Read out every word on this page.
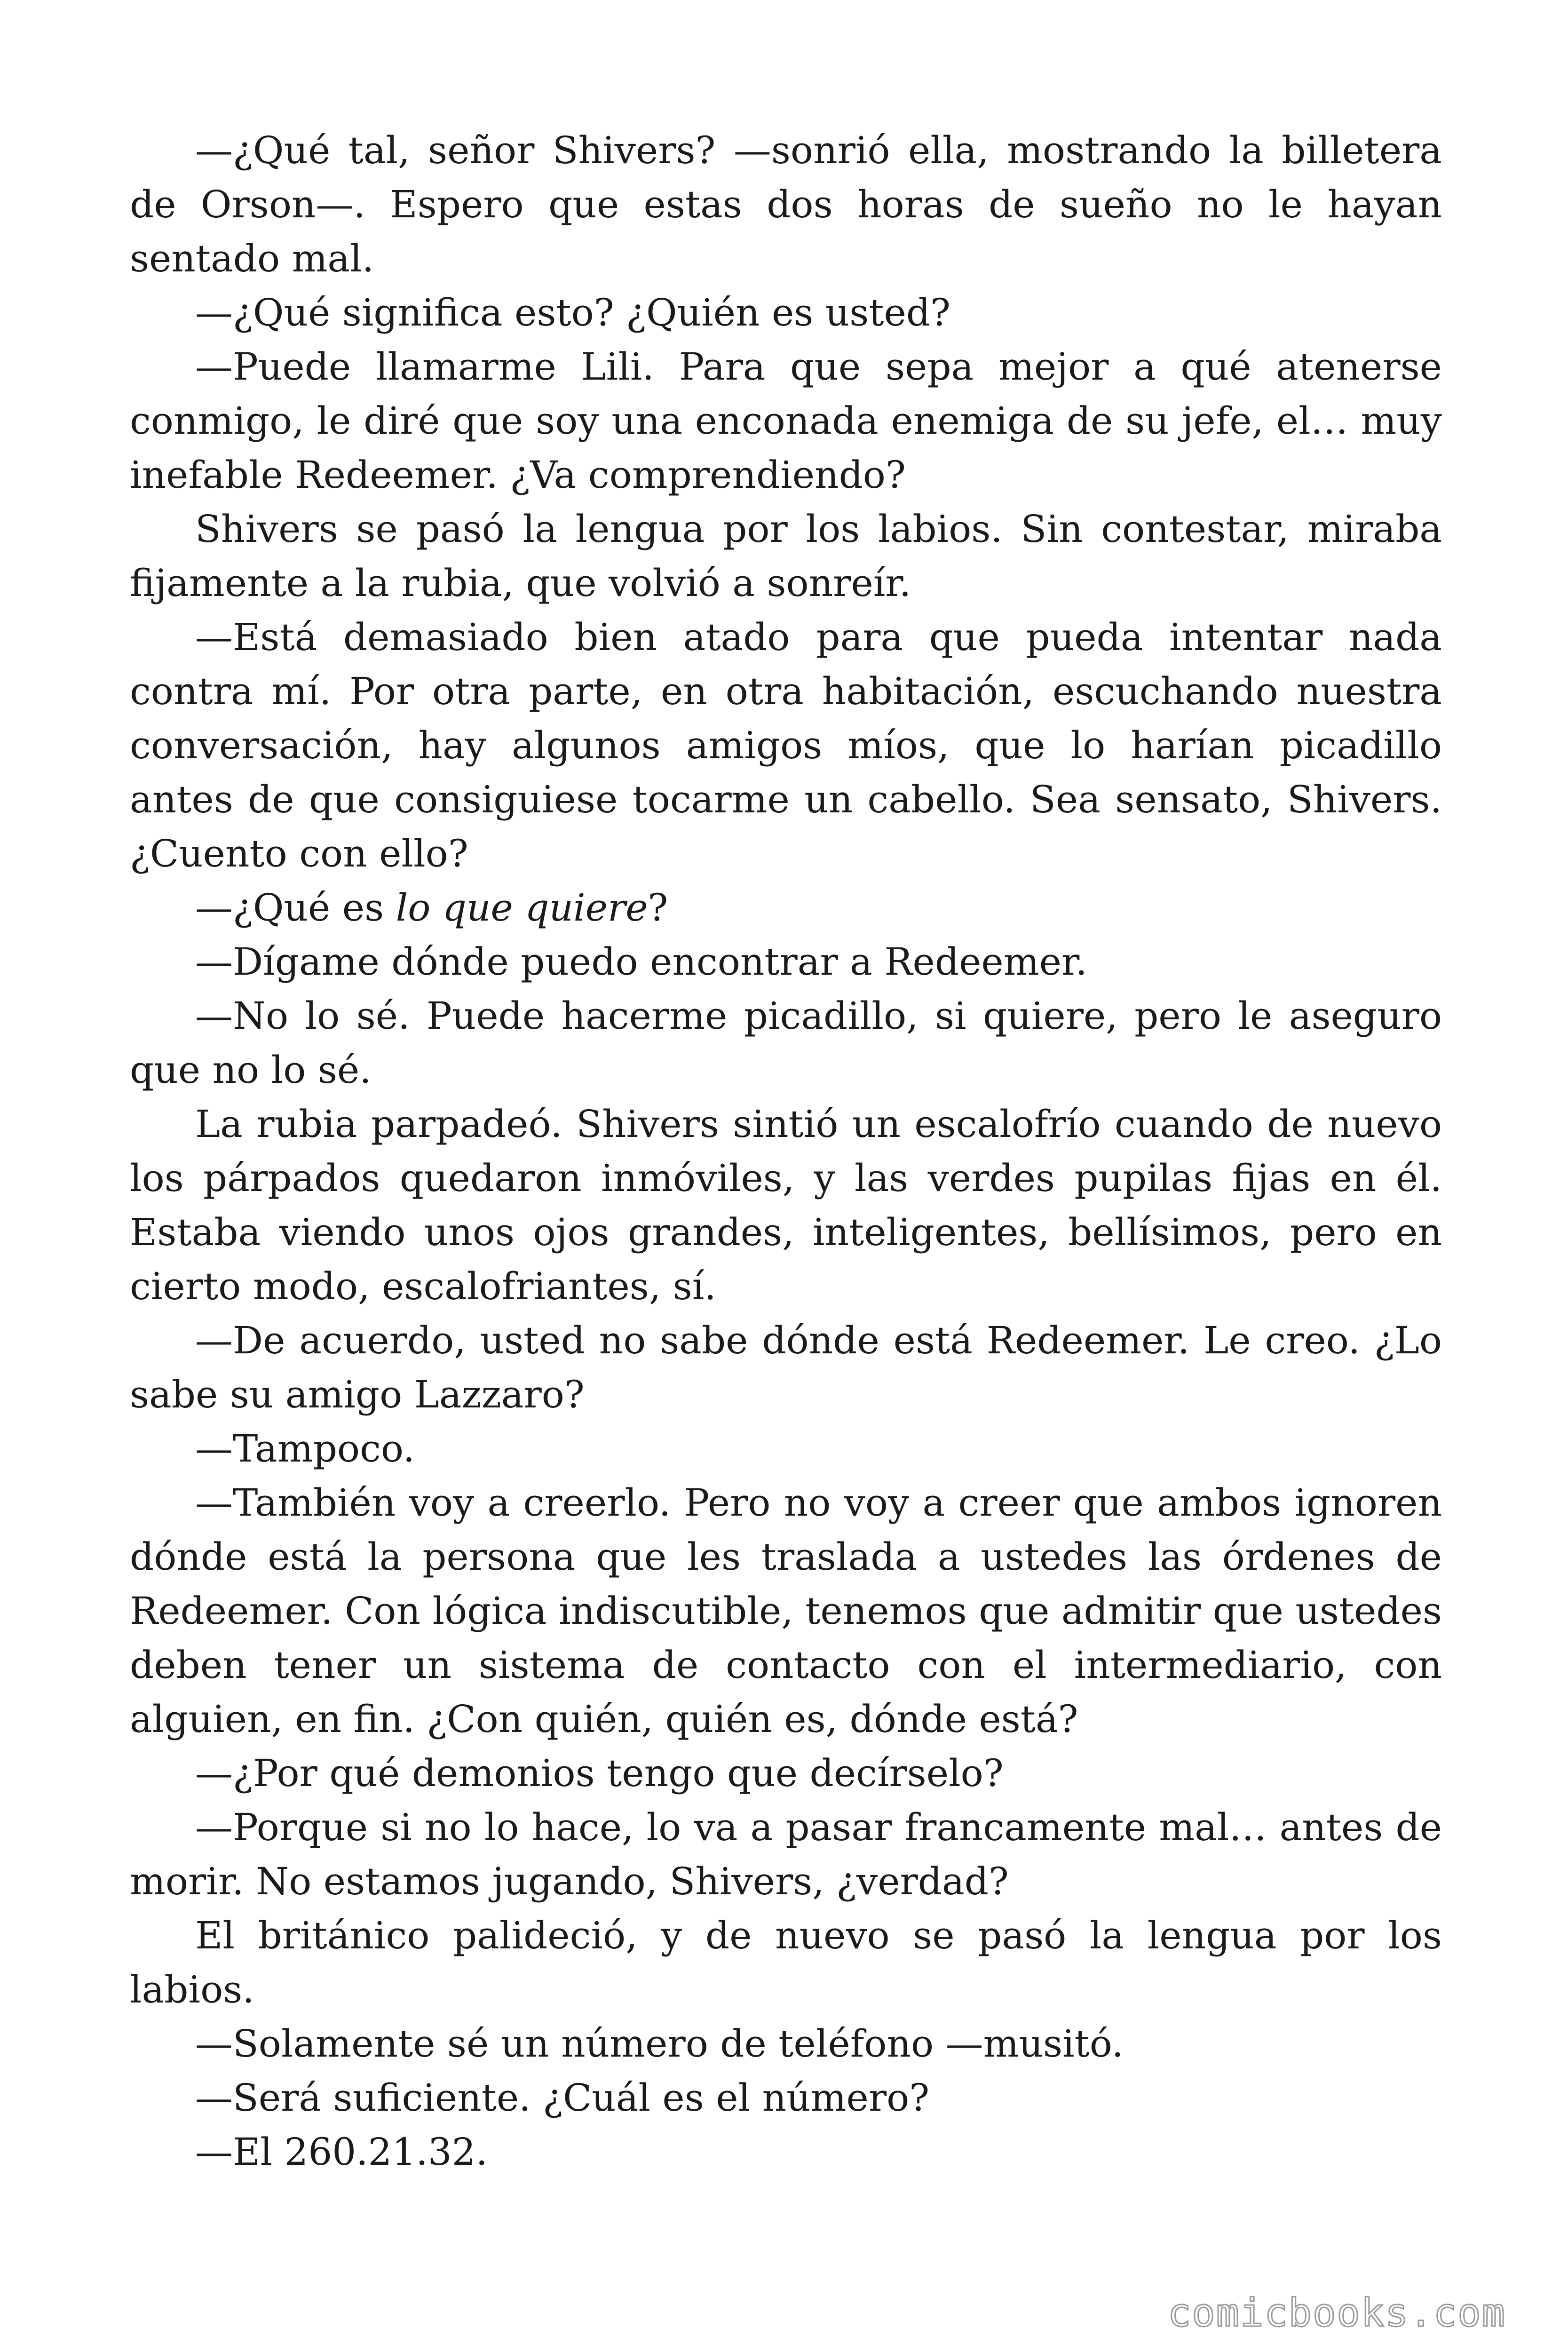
—¿Qué tal, señor Shivers? —sonrió ella, mostrando la billetera de Orson—. Espero que estas dos horas de sueño no le hayan sentado mal.

—¿Qué significa esto? ¿Quién es usted?

—Puede llamarme Lili. Para que sepa mejor a qué atenerse conmigo, le diré que soy una enconada enemiga de su jefe, el… muy inefable Redeemer. ¿Va comprendiendo?

Shivers se pasó la lengua por los labios. Sin contestar, miraba fijamente a la rubia, que volvió a sonreír.

—Está demasiado bien atado para que pueda intentar nada contra mí. Por otra parte, en otra habitación, escuchando nuestra conversación, hay algunos amigos míos, que lo harían picadillo antes de que consiguiese tocarme un cabello. Sea sensato, Shivers. ¿Cuento con ello?

—¿Qué es lo que quiere?

—Dígame dónde puedo encontrar a Redeemer.

—No lo sé. Puede hacerme picadillo, si quiere, pero le aseguro que no lo sé.

La rubia parpadeó. Shivers sintió un escalofrío cuando de nuevo los párpados quedaron inmóviles, y las verdes pupilas fijas en él. Estaba viendo unos ojos grandes, inteligentes, bellísimos, pero en cierto modo, escalofriantes, sí.

—De acuerdo, usted no sabe dónde está Redeemer. Le creo. ¿Lo sabe su amigo Lazzaro?

—Tampoco.

—También voy a creerlo. Pero no voy a creer que ambos ignoren dónde está la persona que les traslada a ustedes las órdenes de Redeemer. Con lógica indiscutible, tenemos que admitir que ustedes deben tener un sistema de contacto con el intermediario, con alguien, en fin. ¿Con quién, quién es, dónde está?

—¿Por qué demonios tengo que decírselo?

—Porque si no lo hace, lo va a pasar francamente mal… antes de morir. No estamos jugando, Shivers, ¿verdad?

El británico palideció, y de nuevo se pasó la lengua por los labios.

—Solamente sé un número de teléfono —musitó.

—Será suficiente. ¿Cuál es el número?

—El 260.21.32.

comicbooks.com
